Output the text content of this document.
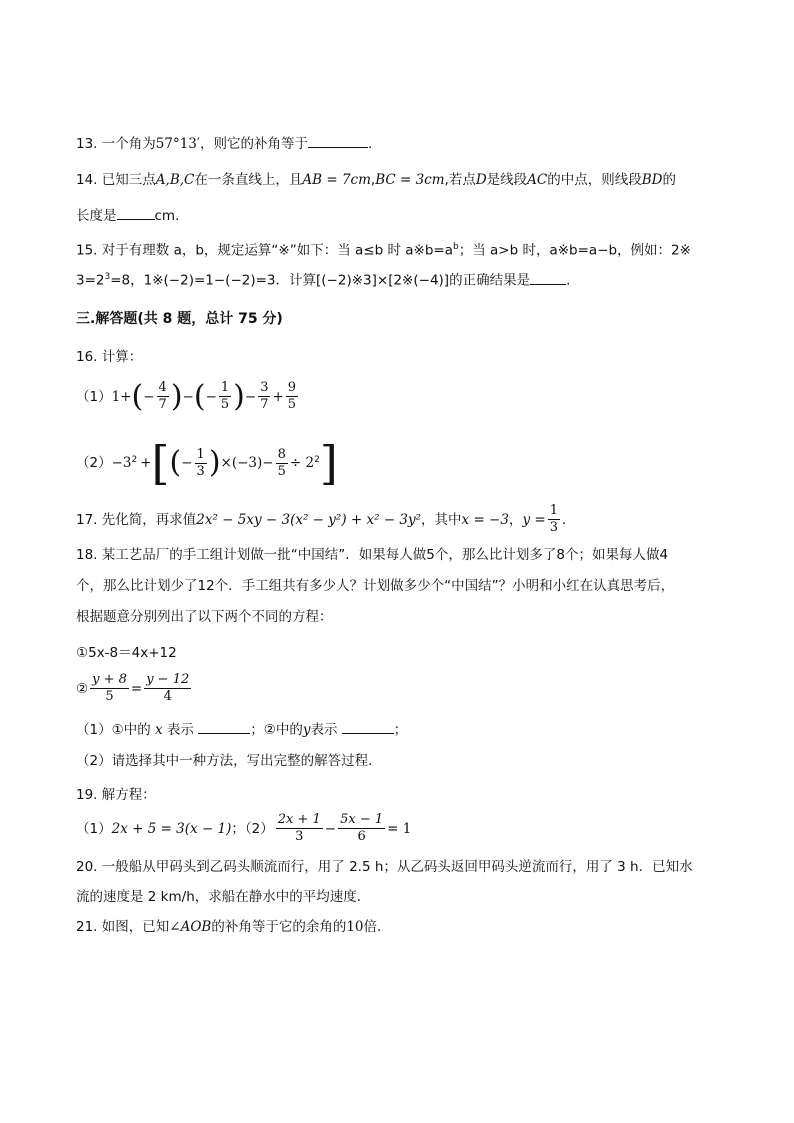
13. 一个角为57°13′，则它的补角等于	.
14. 已知三点A,B,C在一条直线上，且AB = 7cm,BC = 3cm,若点D是线段AC的中点，则线段BD的
长度是	cm．
15. 对于有理数 a，b，规定运算“※”如下：当 a≤b 时 $a※b=a^b$；当 a>b 时，a※b=a−b，例如：2※
$3=2^3=8$，1※(−2)=1−(−2)=3．计算[(−2)※3]×[2※(−4)]的正确结果是	.
三.解答题(共 8 题，总计 75 分)
16. 计算：
（1） 1+ ( − $\frac{4}{7}$ ) − ( − $\frac{1}{5}$ ) − $\frac{3}{7} + \frac{9}{5}$
$(2) -3^2$ + [ ( − $\frac{1}{3}$ ) $\times(-3)- \frac{8}{5} \div 2^2$ ]
17.
先化简，再求值 2x² − 5xy − 3(x² − y²) + x² − 3y² ，其中 x = −3 ， $y = \frac{1}{3}$ ．
18. 某工艺品厂的手工组计划做一批“中国结”．如果每人做5个，那么比计划多了8个；如果每人做4
个，那么比计划少了12个．手工组共有多少人？计划做多少个“中国结”？小明和小红在认真思考后，
根据题意分别列出了以下两个不同的方程：
①5x-8＝4x+12
② $\frac{y + 8}{5} = \frac{y - 12}{4}$
（1）①中的 x 表示	；②中的y表示	；
（2）请选择其中一种方法，写出完整的解答过程．
19. 解方程：
（1） 2x + 5 = 3(x − 1) ；$(2) \frac{2x + 1}{3} - \frac{5x - 1}{6} = 1$
20. 一般船从甲码头到乙码头顺流而行，用了 2.5 h；从乙码头返回甲码头逆流而行，用了 3 h．已知水
流的速度是 2 km/h，求船在静水中的平均速度．
21. 如图，已知∠AOB的补角等于它的余角的10倍．
